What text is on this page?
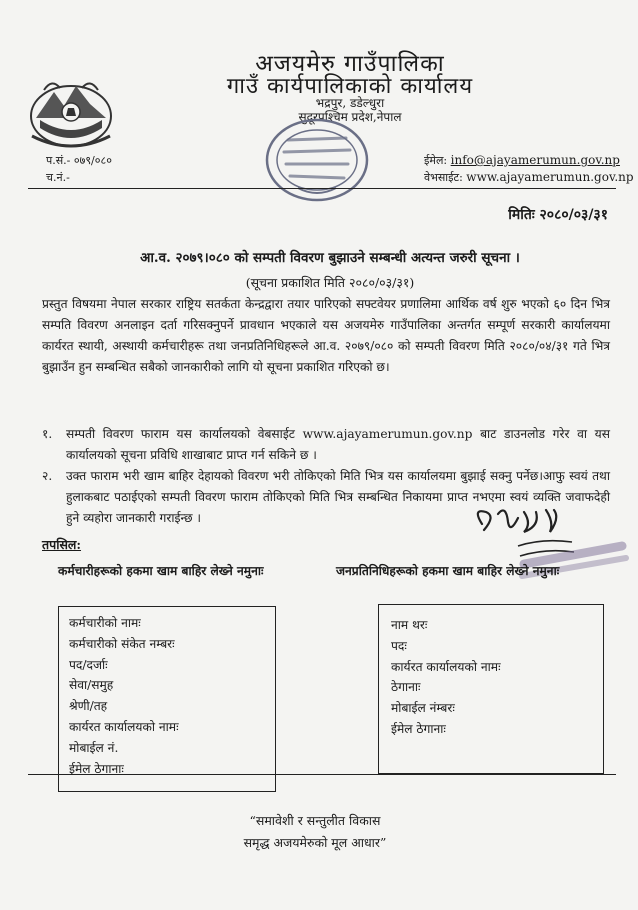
अजयमेरु गाउँपालिका
गाउँ कार्यपालिकाको कार्यालय
भद्रपुर, डडेल्धुरा
सुदूरपश्चिम प्रदेश,नेपाल
प.सं.- ०७९/०८०
च.नं.-
ईमेल: info@ajayamerumun.gov.np
वेभसाईट: www.ajayamerumun.gov.np
मितिः २०८०/०३/३१
आ.व. २०७९।०८० को सम्पती विवरण बुझाउने सम्बन्धी अत्यन्त जरुरी सूचना ।
(सूचना प्रकाशित मिति २०८०/०३/३१)
प्रस्तुत विषयमा नेपाल सरकार राष्ट्रिय सतर्कता केन्द्रद्वारा तयार पारिएको सफ्टवेयर प्रणालिमा आर्थिक वर्ष शुरु भएको ६० दिन भित्र सम्पति विवरण अनलाइन दर्ता गरिसक्नुपर्ने प्रावधान भएकाले यस अजयमेरु गाउँपालिका अन्तर्गत सम्पूर्ण सरकारी कार्यालयमा कार्यरत स्थायी, अस्थायी कर्मचारीहरू तथा जनप्रतिनिधिहरूले आ.व. २०७९/०८० को सम्पती विवरण मिति २०८०/०४/३१ गते भित्र बुझाउँन हुन सम्बन्धित सबैको जानकारीको लागि यो सूचना प्रकाशित गरिएको छ।
१.	सम्पती विवरण फाराम यस कार्यालयको वेबसाईट www.ajayamerumun.gov.np बाट डाउनलोड गरेर वा यस कार्यालयको सूचना प्रविधि शाखाबाट प्राप्त गर्न सकिने छ ।
२.	उक्त फाराम भरी खाम बाहिर देहायको विवरण भरी तोकिएको मिति भित्र यस कार्यालयमा बुझाई सक्नु पर्नेछ।आफु स्वयं तथा हुलाकबाट पठाईएको सम्पती विवरण फाराम तोकिएको मिति भित्र सम्बन्धित निकायमा प्राप्त नभएमा स्वयं व्यक्ति जवाफदेही हुने व्यहोरा जानकारी गराईन्छ ।
तपसिल:
कर्मचारीहरूको हकमा खाम बाहिर लेख्ने नमुनाः	जनप्रतिनिधिहरूको हकमा खाम बाहिर लेख्ने नमुनाः
कर्मचारीको नामः
कर्मचारीको संकेत नम्बरः
पद/दर्जाः
सेवा/समुह
श्रेणी/तह
कार्यरत कार्यालयको नामः
मोबाईल नं.
ईमेल ठेगानाः
नाम थरः
पदः
कार्यरत कार्यालयको नामः
ठेगानाः
मोबाईल नंम्बरः
ईमेल ठेगानाः
“समावेशी र सन्तुलीत विकास
समृद्ध अजयमेरुको मूल आधार”
